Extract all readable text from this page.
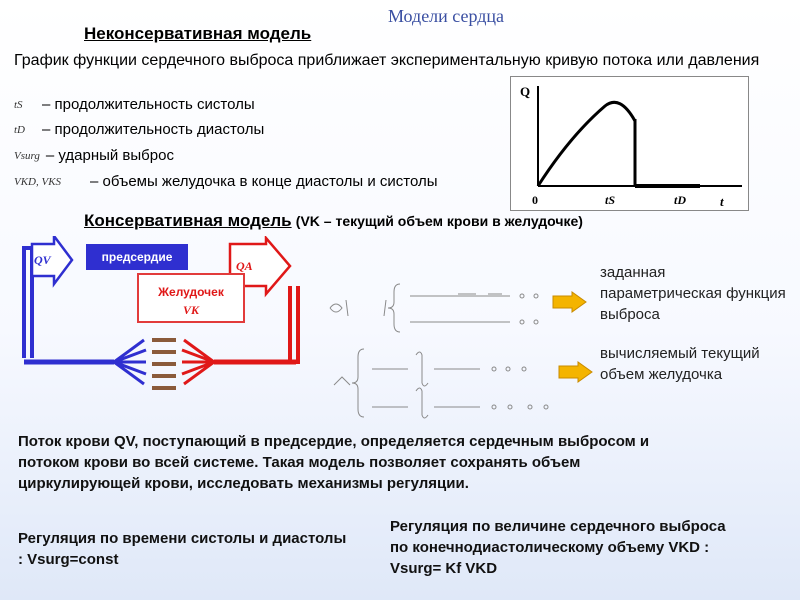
Модели сердца
Неконсервативная модель
График функции сердечного выброса приближает экспериментальную кривую потока или давления
tS	– продолжительность систолы
tD	– продолжительность диастолы
Vsurg – ударный выброс
VKD, VKS	– объемы желудочка в конце диастолы и систолы
Q
t
0	tS	tD
Консервативная модель (VK – текущий объем крови в желудочке)
QV	предсердие
QA
Желудочек
VK
заданная параметрическая функция выброса
вычисляемый текущий объем желудочка
Поток крови QV, поступающий в предсердие, определяется сердечным выбросом и потоком крови во всей системе. Такая модель позволяет сохранять объем циркулирующей крови, исследовать механизмы регуляции.
Регуляция по времени систолы и диастолы : Vsurg=const
Регуляция по величине сердечного выброса по конечнодиастолическому объему VKD : Vsurg= Kf VKD
